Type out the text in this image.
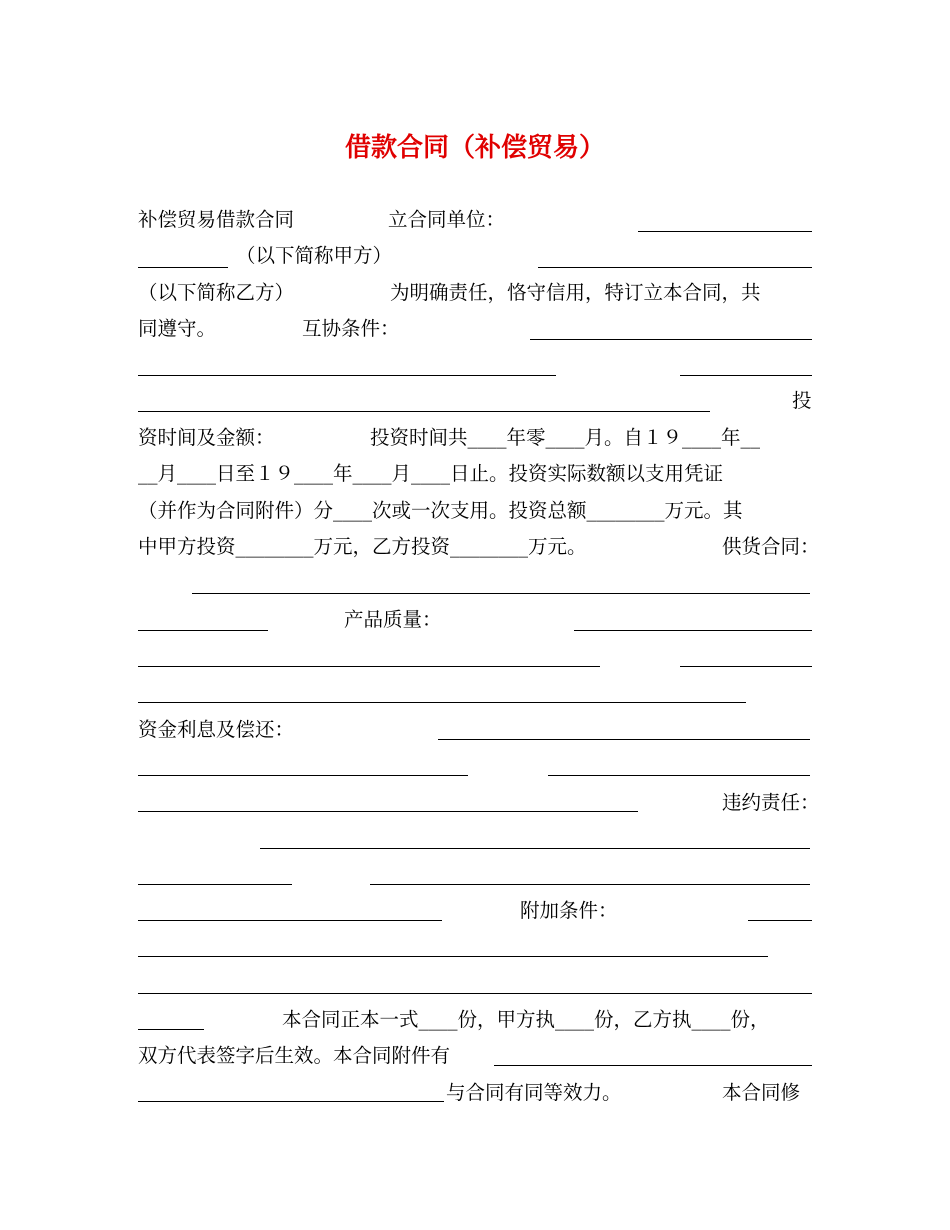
借款合同（补偿贸易）
补偿贸易借款合同	立合同单位：
（以下简称甲方）
（以下简称乙方）	为明确责任，恪守信用，特订立本合同，共
同遵守。	互协条件：
投
资时间及金额：	投资时间共____年零____月。自１９____年__
__月____日至１９____年____月____日止。投资实际数额以支用凭证
（并作为合同附件）分____次或一次支用。投资总额________万元。其
中甲方投资________万元，乙方投资________万元。	供货合同：
产品质量：
资金利息及偿还：
违约责任：
附加条件：
本合同正本一式____份，甲方执____份，乙方执____份，
双方代表签字后生效。本合同附件有
与合同有同等效力。	本合同修
